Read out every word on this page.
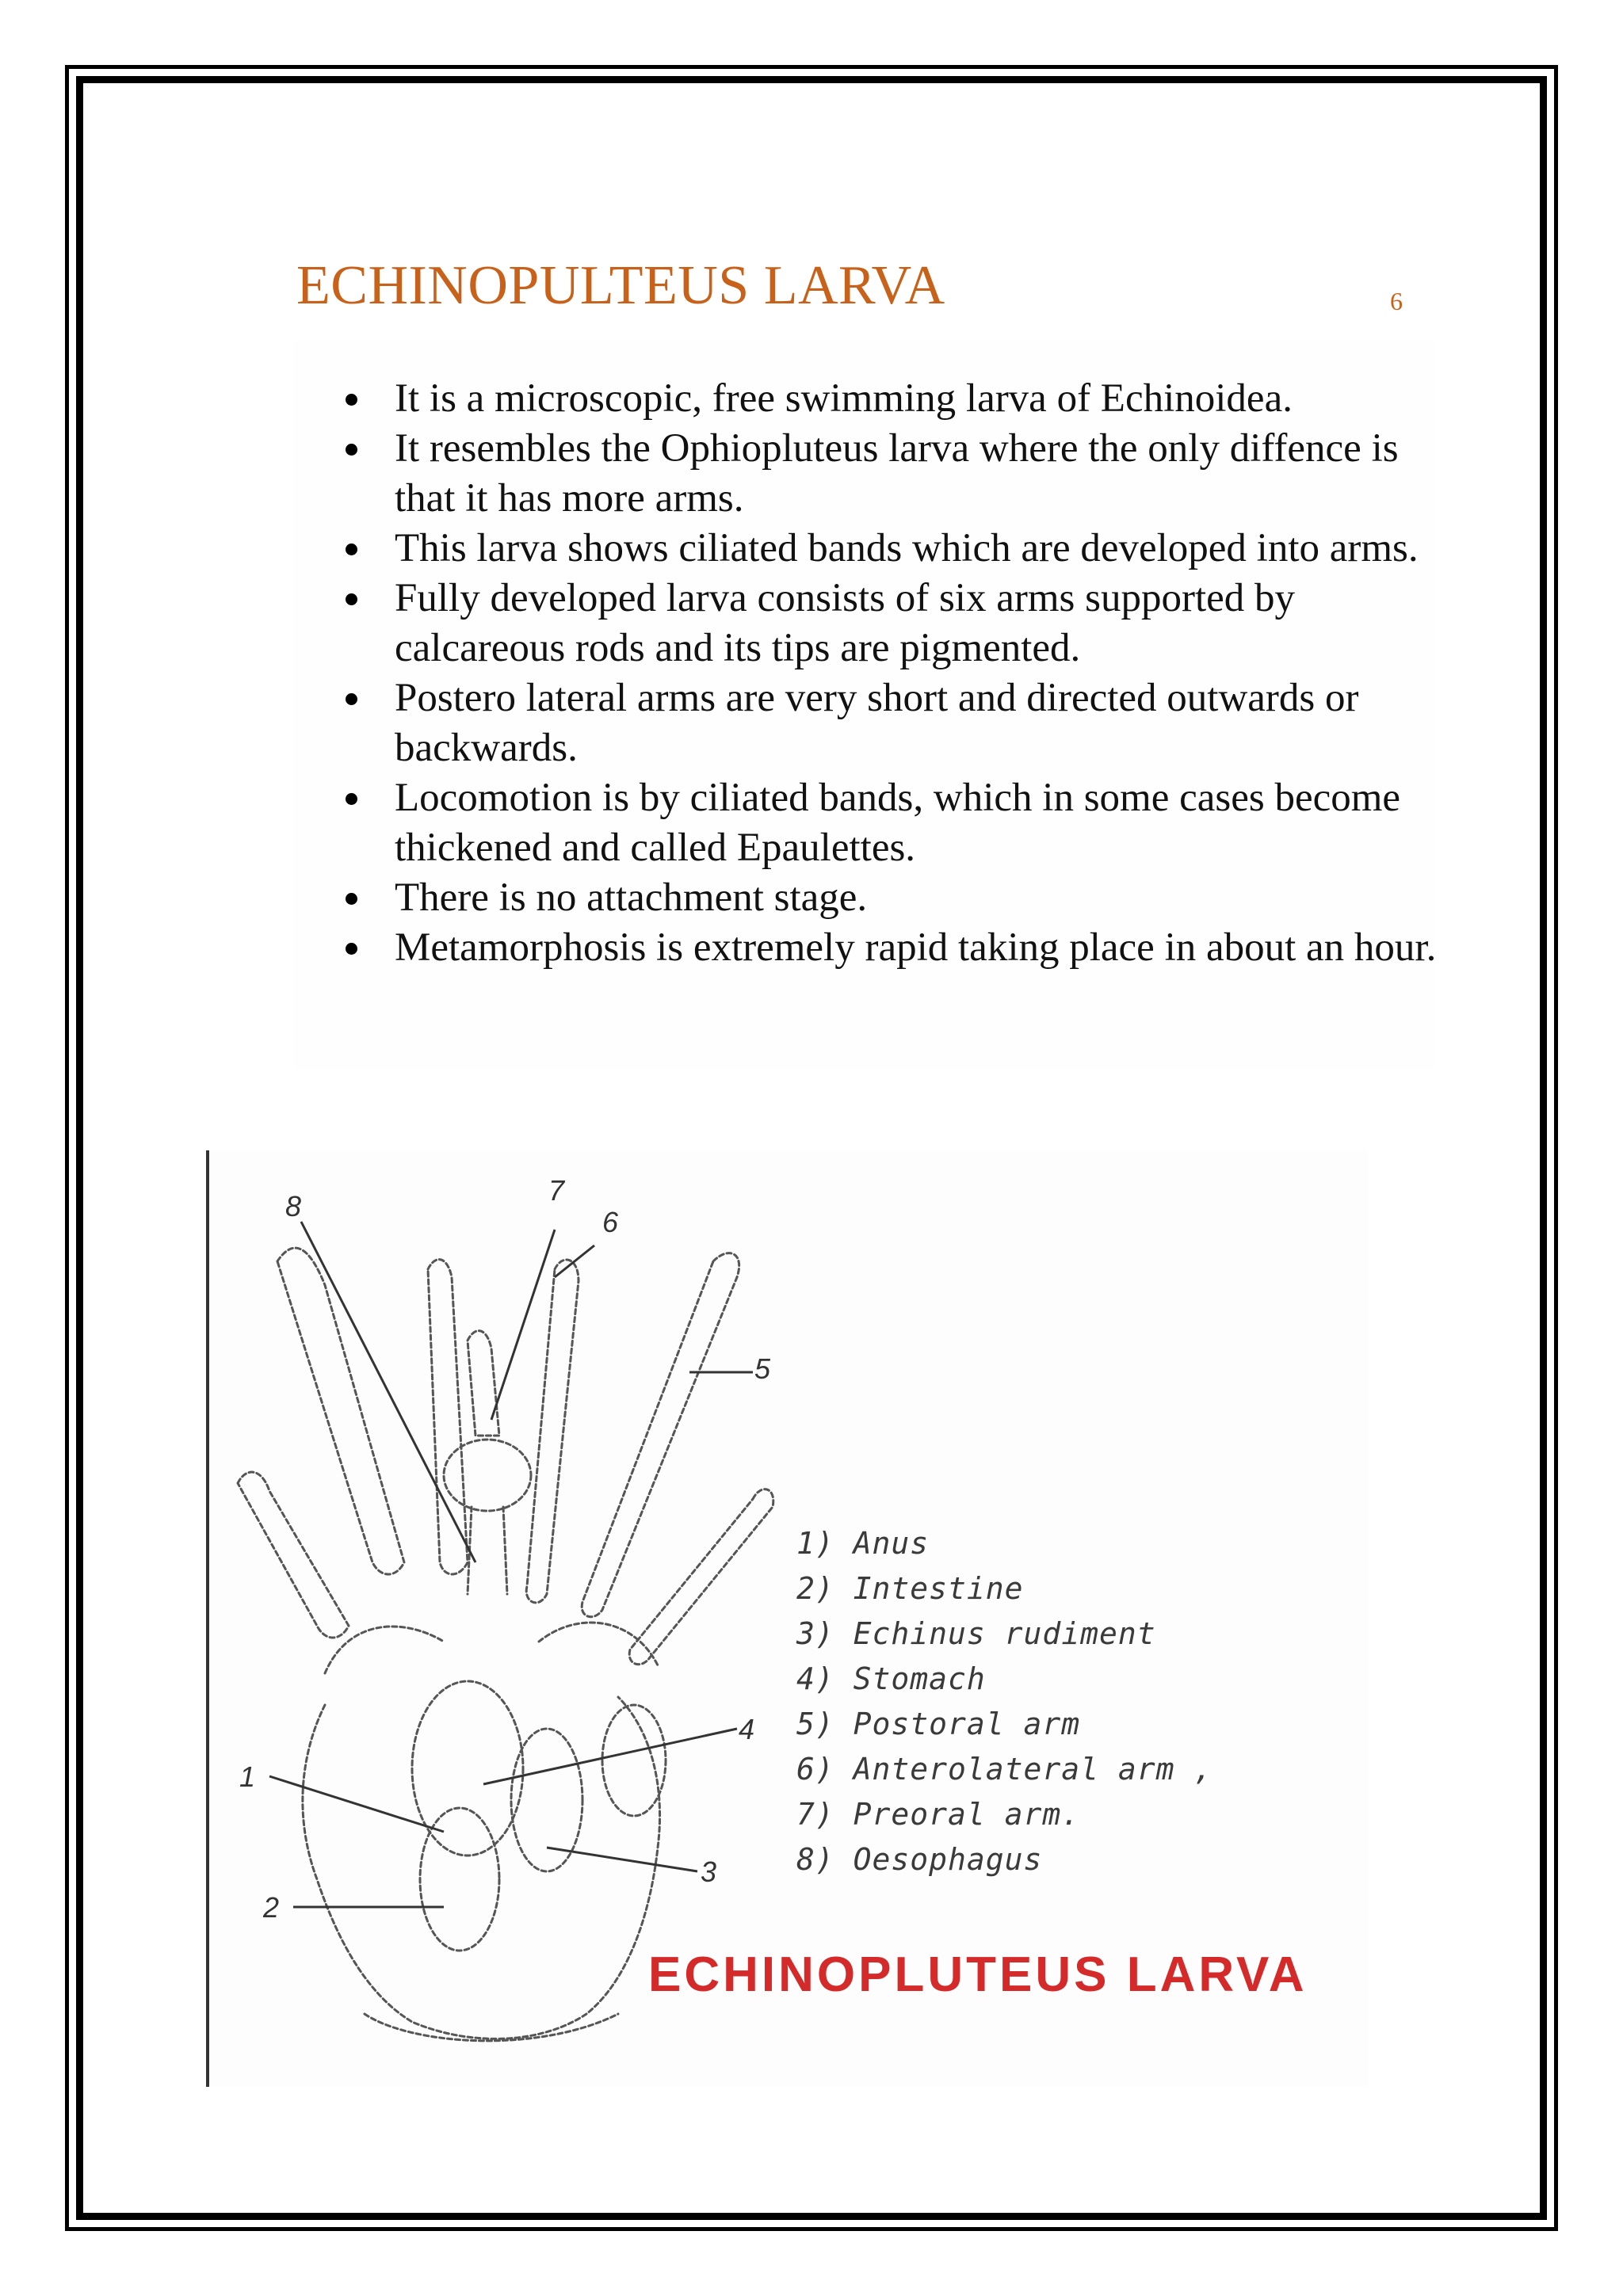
ECHINOPULTEUS LARVA	6
It is a microscopic, free swimming larva of Echinoidea.
It resembles the Ophiopluteus larva where the only diffence is that it has more arms.
This larva shows ciliated bands which are developed into arms.
Fully developed larva consists of six arms supported by calcareous rods and its tips are pigmented.
Postero lateral arms are very short and directed outwards or backwards.
Locomotion is by ciliated bands, which in some cases become thickened and called Epaulettes.
There is no attachment stage.
Metamorphosis is extremely rapid taking place in about an hour.
8	7
6
5
4
3
2
1
1) Anus
2) Intestine
3) Echinus rudiment
4) Stomach
5) Postoral arm
6) Anterolateral arm ,
7) Preoral arm.
8) Oesophagus
ECHINOPLUTEUS LARVA
